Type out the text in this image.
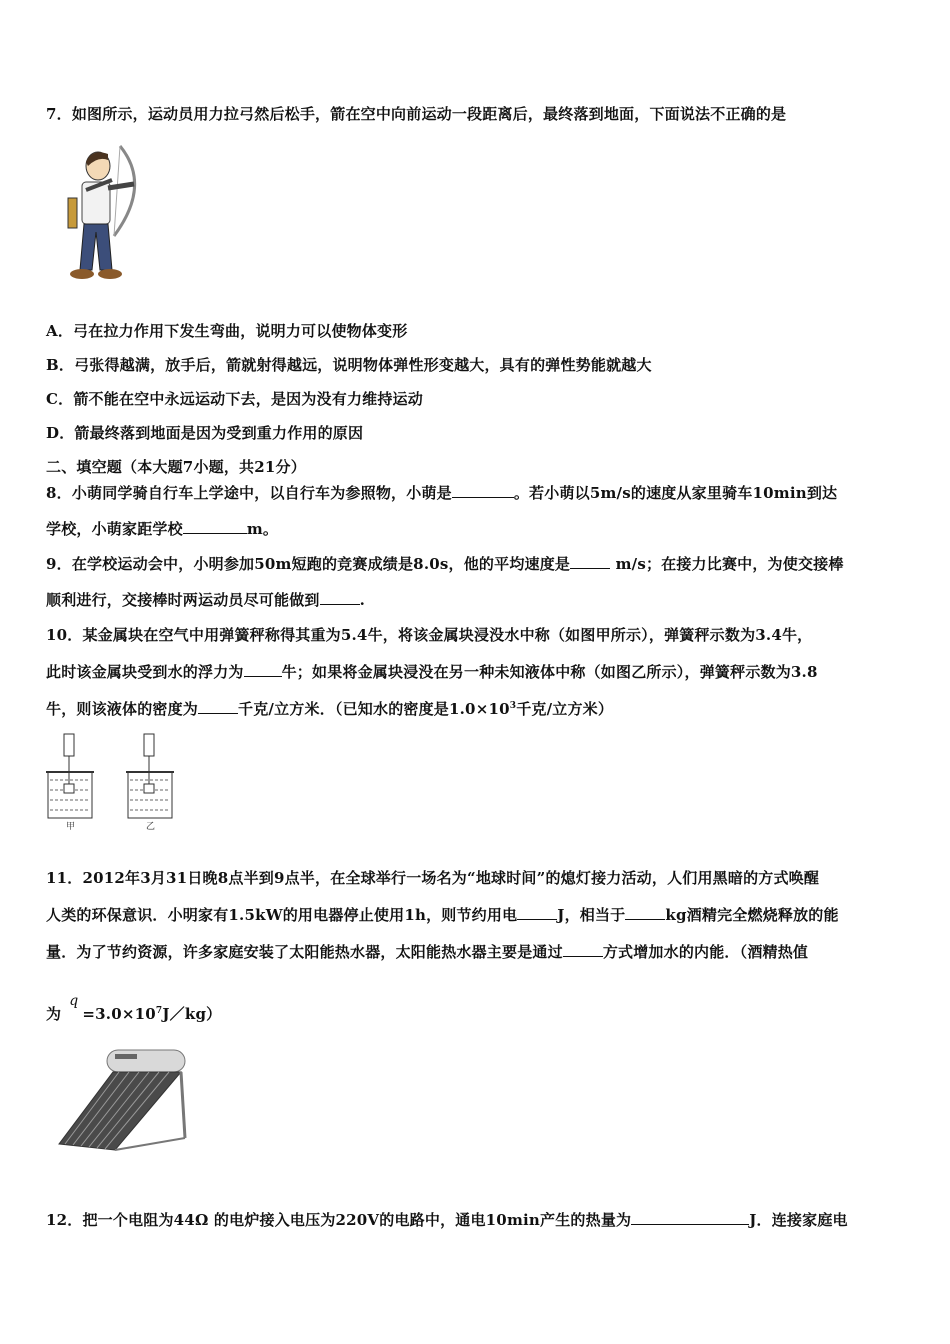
7．如图所示，运动员用力拉弓然后松手，箭在空中向前运动一段距离后，最终落到地面，下面说法不正确的是
A．弓在拉力作用下发生弯曲，说明力可以使物体变形
B．弓张得越满，放手后，箭就射得越远，说明物体弹性形变越大，具有的弹性势能就越大
C．箭不能在空中永远运动下去，是因为没有力维持运动
D．箭最终落到地面是因为受到重力作用的原因
二、填空题（本大题7小题，共21分）
8．小萌同学骑自行车上学途中，以自行车为参照物，小萌是	。若小萌以5m/s的速度从家里骑车10min到达
学校，小萌家距学校	m。
9．在学校运动会中，小明参加50m短跑的竞赛成绩是8.0s，他的平均速度是	m/s；在接力比赛中，为使交接棒
顺利进行，交接棒时两运动员尽可能做到	.
10．某金属块在空气中用弹簧秤称得其重为5.4牛，将该金属块浸没水中称（如图甲所示），弹簧秤示数为3.4牛，
此时该金属块受到水的浮力为	牛；如果将金属块浸没在另一种未知液体中称（如图乙所示），弹簧秤示数为3.8
牛，则该液体的密度为	千克/立方米．（已知水的密度是$1.0\times 10^3$千克/立方米）
甲	乙
11．2012年3月31日晚8点半到9点半，在全球举行一场名为“地球时间”的熄灯接力活动，人们用黑暗的方式唤醒
人类的环保意识．小明家有1.5kW的用电器停止使用1h，则节约用电	J，相当于	kg酒精完全燃烧释放的能
量．为了节约资源，许多家庭安装了太阳能热水器，太阳能热水器主要是通过	方式增加水的内能．（酒精热值
为$q=3.0\times 10^7J/kg$）
12．把一个电阻为44Ω 的电炉接入电压为220V的电路中，通电10min产生的热量为	J．连接家庭电
